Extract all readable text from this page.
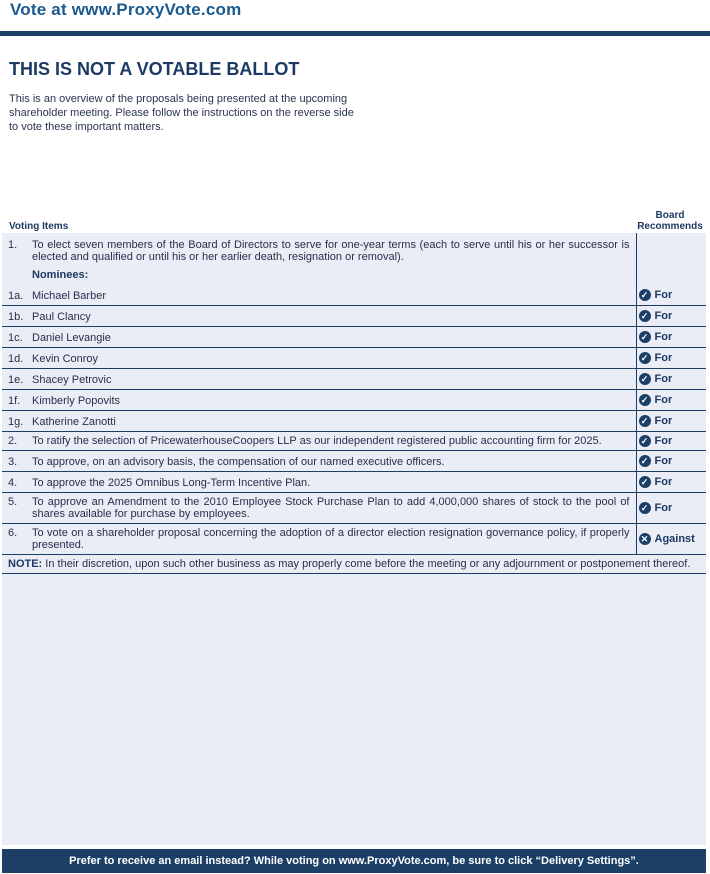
Vote at www.ProxyVote.com
THIS IS NOT A VOTABLE BALLOT

This is an overview of the proposals being presented at the upcoming shareholder meeting. Please follow the instructions on the reverse side to vote these important matters.

Voting Items
Board Recommends
1.	To elect seven members of the Board of Directors to serve for one-year terms (each to serve until his or her successor is elected and qualified or until his or her earlier death, resignation or removal).	
	Nominees:	
1a.	Michael Barber	✓ For

1b.	Paul Clancy	✓ For

1c.	Daniel Levangie	✓ For

1d.	Kevin Conroy	✓ For

1e.	Shacey Petrovic	✓ For

1f.	Kimberly Popovits	✓ For

1g.	Katherine Zanotti	✓ For

2.	To ratify the selection of PricewaterhouseCoopers LLP as our independent registered public accounting firm for 2025.	✓ For

3.	To approve, on an advisory basis, the compensation of our named executive officers.	✓ For

4.	To approve the 2025 Omnibus Long-Term Incentive Plan.	✓ For

5.	To approve an Amendment to the 2010 Employee Stock Purchase Plan to add 4,000,000 shares of stock to the pool of shares available for purchase by employees.	✓ For

6.	To vote on a shareholder proposal concerning the adoption of a director election resignation governance policy, if properly presented.	✕ Against

NOTE: In their discretion, upon such other business as may properly come before the meeting or any adjournment or postponement thereof.		
Prefer to receive an email instead? While voting on www.ProxyVote.com, be sure to click “Delivery Settings”.
